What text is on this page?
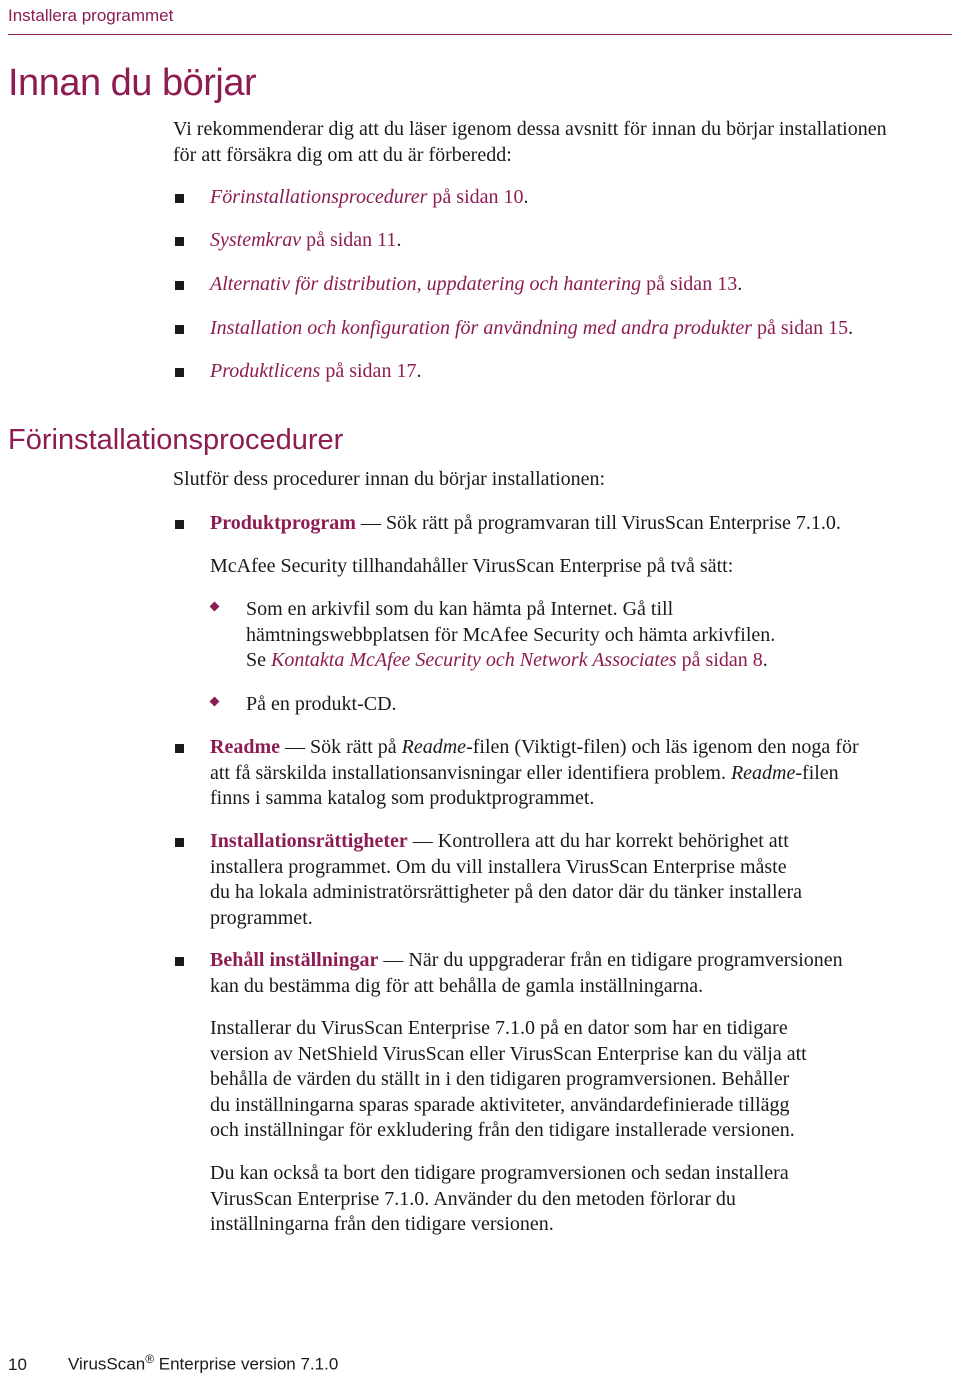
Installera programmet
Innan du börjar

Vi rekommenderar dig att du läser igenom dessa avsnitt för innan du börjar installationen för att försäkra dig om att du är förberedd:

Förinstallationsprocedurer på sidan 10.

Systemkrav på sidan 11.

Alternativ för distribution, uppdatering och hantering på sidan 13.

Installation och konfiguration för användning med andra produkter på sidan 15.

Produktlicens på sidan 17.

Förinstallationsprocedurer

Slutför dess procedurer innan du börjar installationen:

Produktprogram — Sök rätt på programvaran till VirusScan Enterprise 7.1.0.

McAfee Security tillhandahåller VirusScan Enterprise på två sätt:

Som en arkivfil som du kan hämta på Internet. Gå till
hämtningswebbplatsen för McAfee Security och hämta arkivfilen.
Se Kontakta McAfee Security och Network Associates på sidan 8.

På en produkt-CD.

Readme — Sök rätt på Readme-filen (Viktigt-filen) och läs igenom den noga för
att få särskilda installationsanvisningar eller identifiera problem. Readme-filen
finns i samma katalog som produktprogrammet.

Installationsrättigheter — Kontrollera att du har korrekt behörighet att
installera programmet. Om du vill installera VirusScan Enterprise måste
du ha lokala administratörsrättigheter på den dator där du tänker installera
programmet.

Behåll inställningar — När du uppgraderar från en tidigare programversionen
kan du bestämma dig för att behålla de gamla inställningarna.

Installerar du VirusScan Enterprise 7.1.0 på en dator som har en tidigare
version av NetShield VirusScan eller VirusScan Enterprise kan du välja att
behålla de värden du ställt in i den tidigaren programversionen. Behåller
du inställningarna sparas sparade aktiviteter, användardefinierade tillägg
och inställningar för exkludering från den tidigare installerade versionen.

Du kan också ta bort den tidigare programversionen och sedan installera
VirusScan Enterprise 7.1.0. Använder du den metoden förlorar du
inställningarna från den tidigare versionen.

10 VirusScan® Enterprise version 7.1.0
